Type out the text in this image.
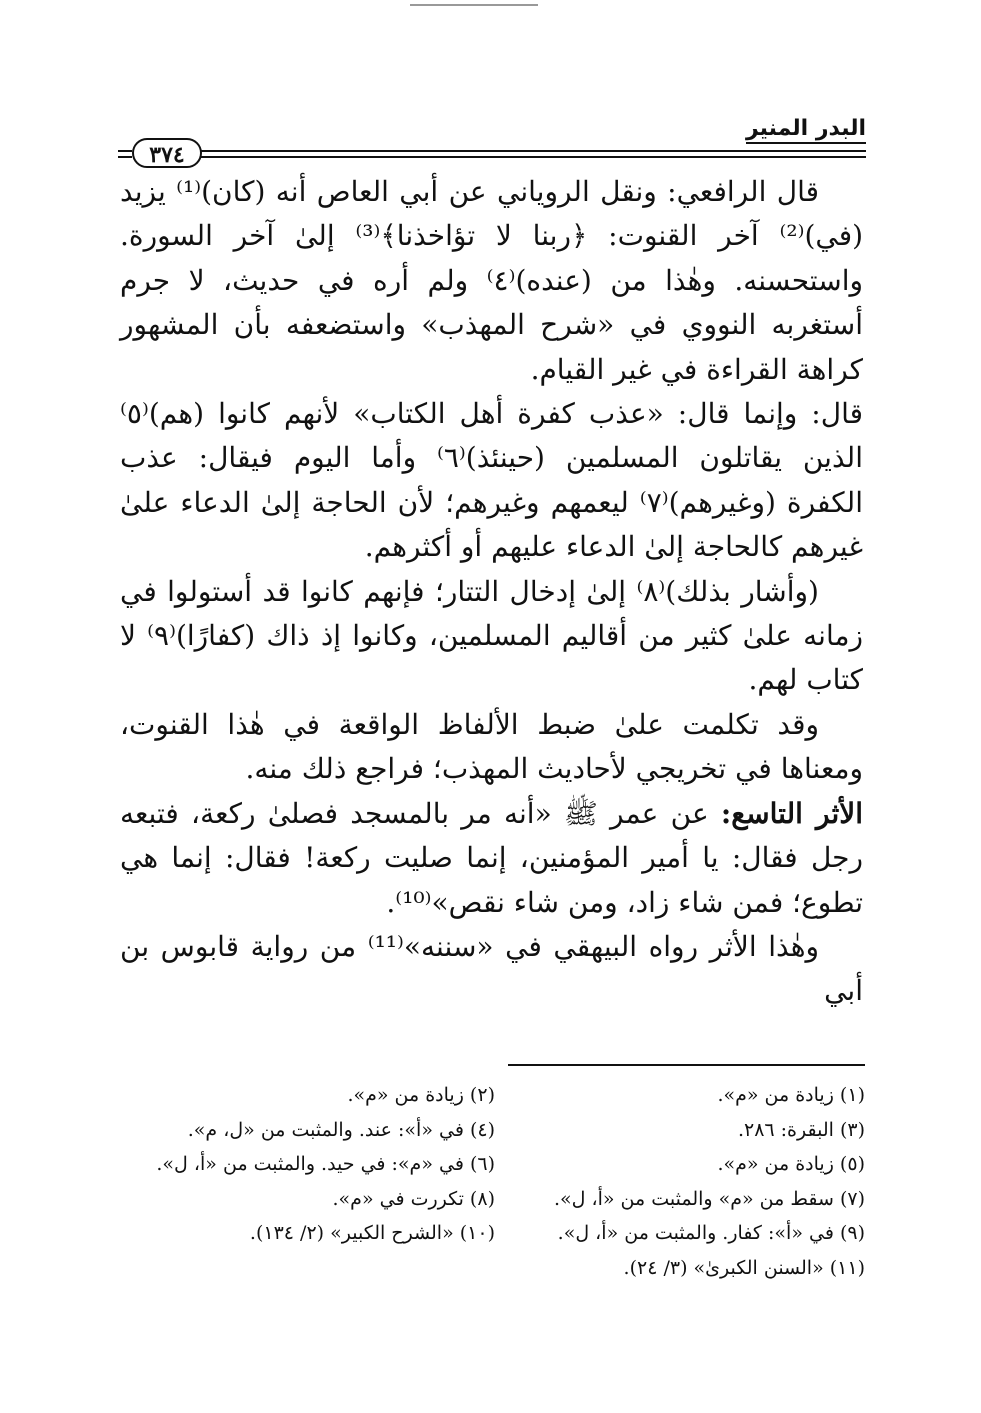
البدر المنير
٣٧٤

قال الرافعي: ونقل الروياني عن أبي العاص أنه (كان)⁽¹⁾ يزيد (في)⁽²⁾ آخر القنوت: ﴿ربنا لا تؤاخذنا﴾⁽³⁾ إلىٰ آخر السورة. واستحسنه. وهٰذا من (عنده)⁽٤⁾ ولم أره في حديث، لا جرم أستغربه النووي في «شرح المهذب» واستضعفه بأن المشهور كراهة القراءة في غير القيام.

قال: وإنما قال: «عذب كفرة أهل الكتاب» لأنهم كانوا (هم)⁽٥⁾ الذين يقاتلون المسلمين (حينئذ)⁽٦⁾ وأما اليوم فيقال: عذب الكفرة (وغيرهم)⁽٧⁾ ليعمهم وغيرهم؛ لأن الحاجة إلىٰ الدعاء علىٰ غيرهم كالحاجة إلىٰ الدعاء عليهم أو أكثرهم.

(وأشار بذلك)⁽٨⁾ إلىٰ إدخال التتار؛ فإنهم كانوا قد أستولوا في زمانه علىٰ كثير من أقاليم المسلمين، وكانوا إذ ذاك (كفارًا)⁽٩⁾ لا كتاب لهم.

وقد تكلمت علىٰ ضبط الألفاظ الواقعة في هٰذا القنوت، ومعناها في تخريجي لأحاديث المهذب؛ فراجع ذلك منه.

الأثر التاسع: عن عمر ﷺ «أنه مر بالمسجد فصلىٰ ركعة، فتبعه رجل فقال: يا أمير المؤمنين، إنما صليت ركعة! فقال: إنما هي تطوع؛ فمن شاء زاد، ومن شاء نقص»⁽¹⁰⁾.

وهٰذا الأثر رواه البيهقي في «سننه»⁽¹¹⁾ من رواية قابوس بن أبي

(١) زيادة من «م».
(٢) زيادة من «م».
(٣) البقرة: ٢٨٦.
(٤) في «أ»: عند. والمثبت من «ل، م».
(٥) زيادة من «م».
(٦) في «م»: في حيد. والمثبت من «أ، ل».
(٧) سقط من «م» والمثبت من «أ، ل».
(٨) تكررت في «م».
(٩) في «أ»: كفار. والمثبت من «أ، ل».
(١٠) «الشرح الكبير» (٢/ ١٣٤).
(١١) «السنن الكبرىٰ» (٣/ ٢٤).
